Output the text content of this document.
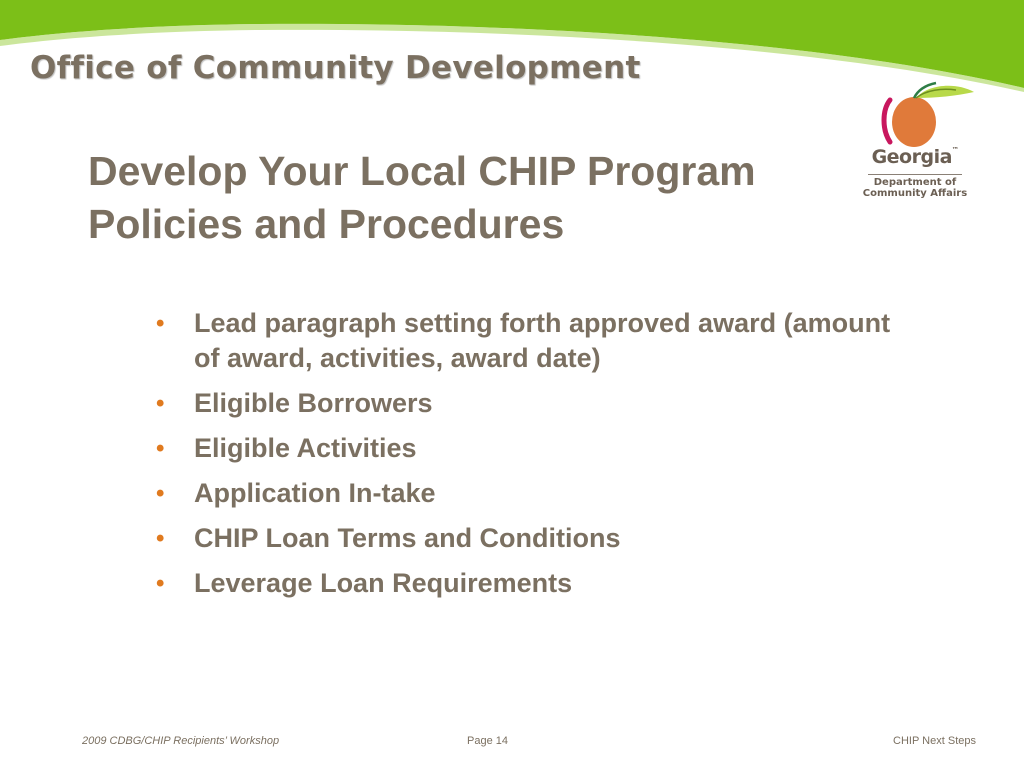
Office of Community Development
Georgia™
Department of
Community Affairs
Develop Your Local CHIP Program
Policies and Procedures
• Lead paragraph setting forth approved award (amount of award, activities, award date)
• Eligible Borrowers
• Eligible Activities
• Application In-take
• CHIP Loan Terms and Conditions
• Leverage Loan Requirements
2009 CDBG/CHIP Recipients’ Workshop	Page 14	CHIP Next Steps
